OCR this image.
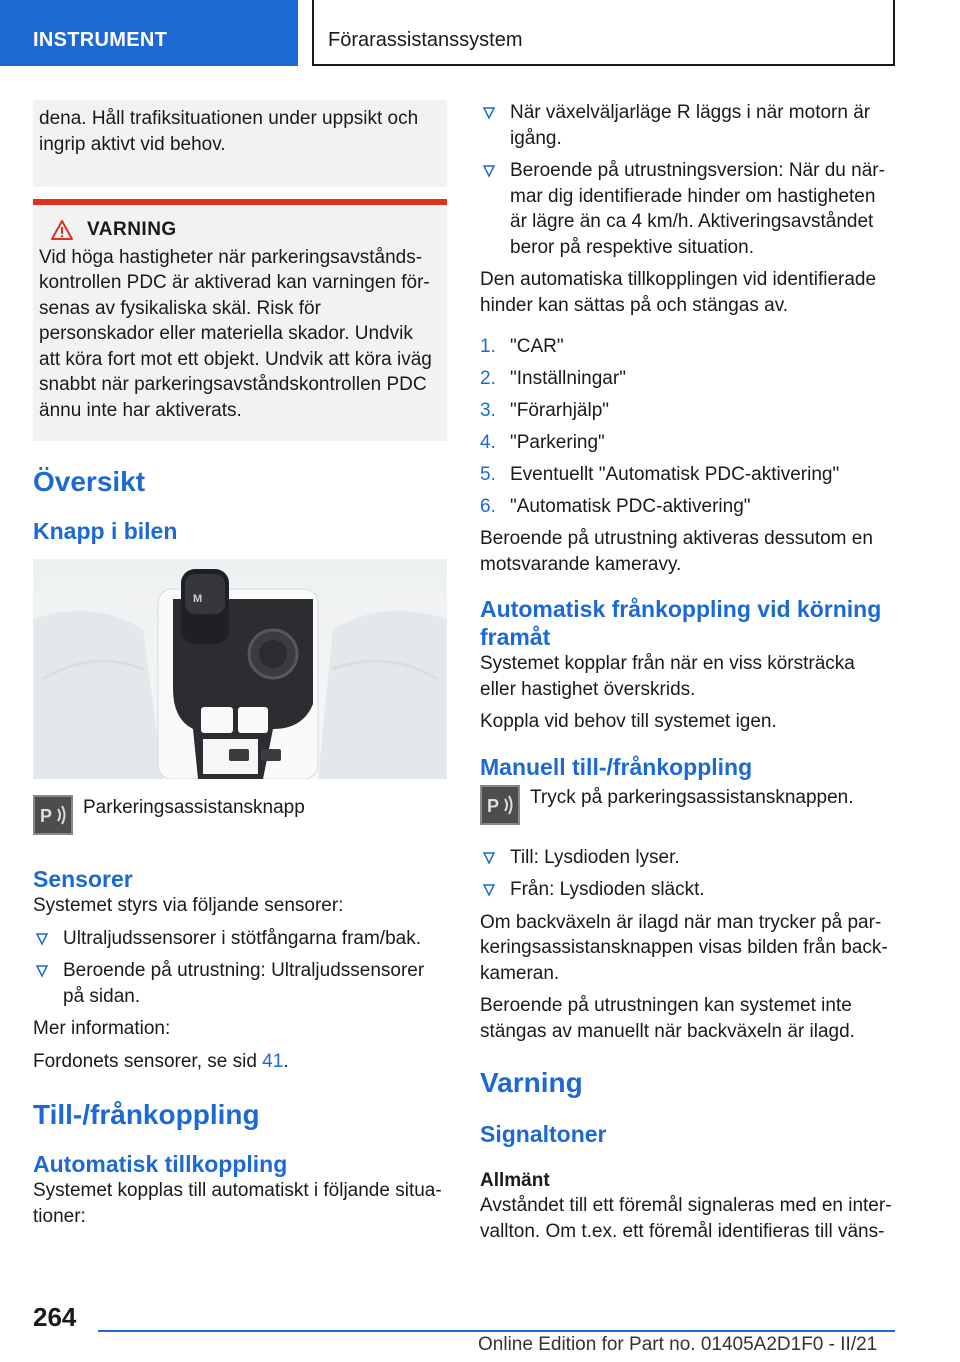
INSTRUMENT	Förarassistanssystem
dena. Håll trafiksituationen under uppsikt och ingrip aktivt vid behov.
VARNING
Vid höga hastigheter när parkeringsavståndskontrollen PDC är aktiverad kan varningen försenas av fysikaliska skäl. Risk för personskador eller materiella skador. Undvik att köra fort mot ett objekt. Undvik att köra iväg snabbt när parkeringsavståndskontrollen PDC ännu inte har aktiverats.
Översikt
Knapp i bilen
M
P Parkeringsassistansknapp
Sensorer

Systemet styrs via följande sensorer:

Ultraljudssensorer i stötfångarna fram/bak.
Beroende på utrustning: Ultraljudssensorer på sidan.

Mer information:

Fordonets sensorer, se sid 41.

Till-/frånkoppling
Automatisk tillkoppling

Systemet kopplas till automatiskt i följande situationer:

När växelväljarläge R läggs i när motorn är igång.
Beroende på utrustningsversion: När du närmar dig identifierade hinder om hastigheten är lägre än ca 4 km/h. Aktiveringsavståndet beror på respektive situation.

Den automatiska tillkopplingen vid identifierade hinder kan sättas på och stängas av.

1. "CAR"
2. "Inställningar"
3. "Förarhjälp"
4. "Parkering"
5. Eventuellt "Automatisk PDC-aktivering"
6. "Automatisk PDC-aktivering"

Beroende på utrustning aktiveras dessutom en motsvarande kameravy.

Automatisk frånkoppling vid körning framåt

Systemet kopplar från när en viss körsträcka eller hastighet överskrids.

Koppla vid behov till systemet igen.

Manuell till-/frånkoppling
P Tryck på parkeringsassistansknappen.
Till: Lysdioden lyser.
Från: Lysdioden släckt.

Om backväxeln är ilagd när man trycker på parkeringsassistansknappen visas bilden från backkameran.

Beroende på utrustningen kan systemet inte stängas av manuellt när backväxeln är ilagd.

Varning
Signaltoner
Allmänt

Avståndet till ett föremål signaleras med en intervallton. Om t.ex. ett föremål identifieras till väns-

264
Online Edition for Part no. 01405A2D1F0 - II/21
